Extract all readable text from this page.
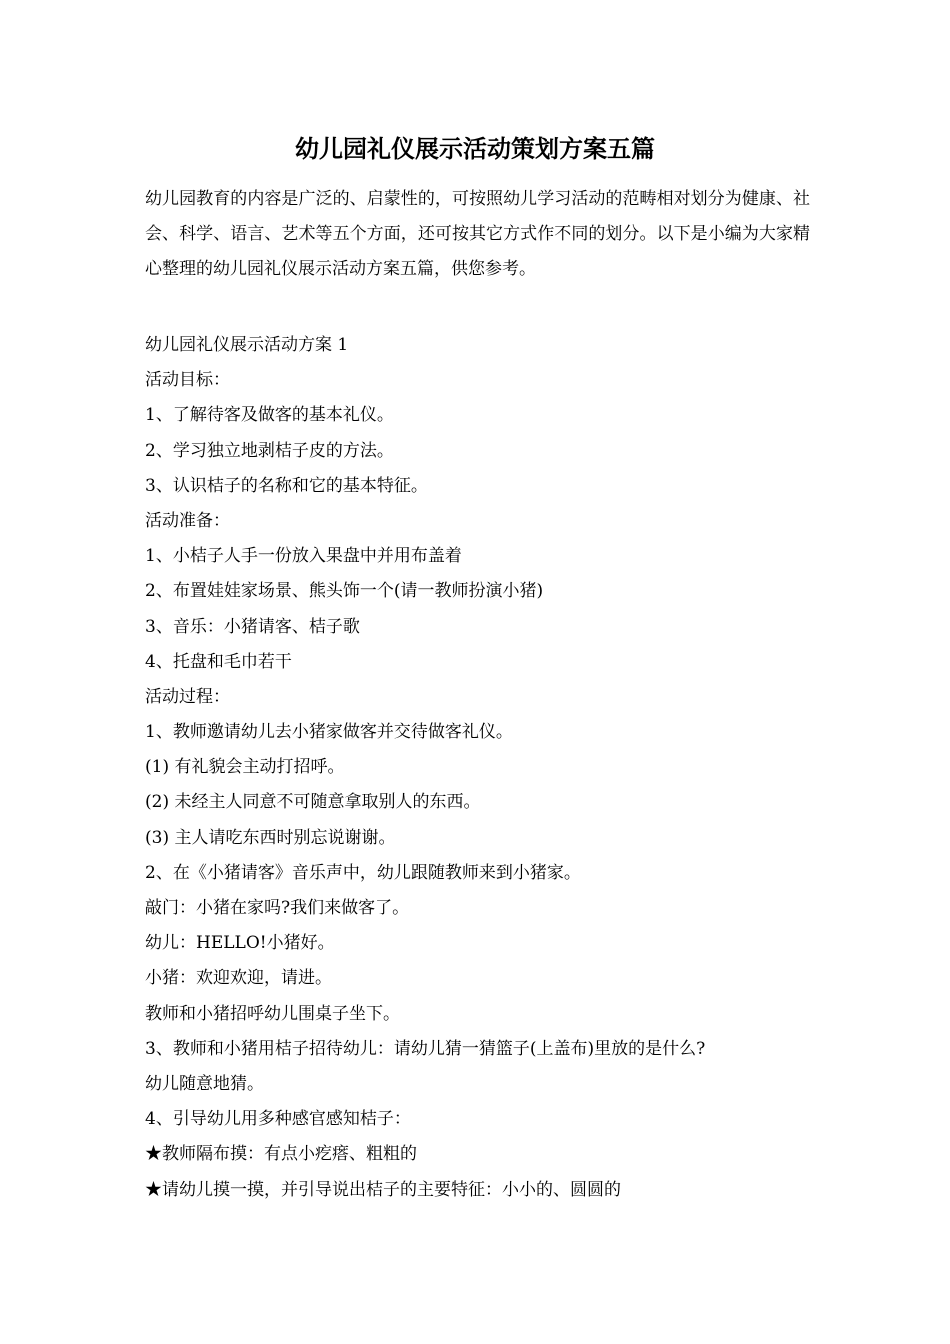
幼儿园礼仪展示活动策划方案五篇

幼儿园教育的内容是广泛的、启蒙性的，可按照幼儿学习活动的范畴相对划分为健康、社会、科学、语言、艺术等五个方面，还可按其它方式作不同的划分。以下是小编为大家精心整理的幼儿园礼仪展示活动方案五篇，供您参考。

幼儿园礼仪展示活动方案 1
活动目标：
1、了解待客及做客的基本礼仪。
2、学习独立地剥桔子皮的方法。
3、认识桔子的名称和它的基本特征。
活动准备：
1、小桔子人手一份放入果盘中并用布盖着
2、布置娃娃家场景、熊头饰一个(请一教师扮演小猪)
3、音乐：小猪请客、桔子歌
4、托盘和毛巾若干
活动过程：
1、教师邀请幼儿去小猪家做客并交待做客礼仪。
(1) 有礼貌会主动打招呼。
(2) 未经主人同意不可随意拿取别人的东西。
(3) 主人请吃东西时别忘说谢谢。
2、在《小猪请客》音乐声中，幼儿跟随教师来到小猪家。
敲门：小猪在家吗?我们来做客了。
幼儿：HELLO!小猪好。
小猪：欢迎欢迎，请进。
教师和小猪招呼幼儿围桌子坐下。
3、教师和小猪用桔子招待幼儿：请幼儿猜一猜篮子(上盖布)里放的是什么?
幼儿随意地猜。
4、引导幼儿用多种感官感知桔子：
★教师隔布摸：有点小疙瘩、粗粗的
★请幼儿摸一摸，并引导说出桔子的主要特征：小小的、圆圆的
